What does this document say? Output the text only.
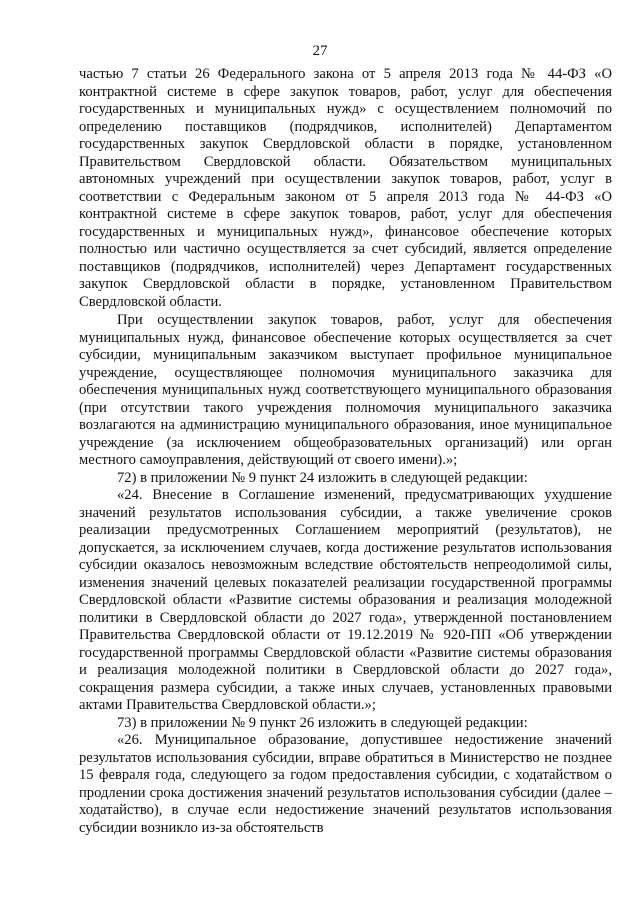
27

частью 7 статьи 26 Федерального закона от 5 апреля 2013 года № 44-ФЗ «О контрактной системе в сфере закупок товаров, работ, услуг для обеспечения государственных и муниципальных нужд» с осуществлением полномочий по определению поставщиков (подрядчиков, исполнителей) Департаментом государственных закупок Свердловской области в порядке, установленном Правительством Свердловской области. Обязательством муниципальных автономных учреждений при осуществлении закупок товаров, работ, услуг в соответствии с Федеральным законом от 5 апреля 2013 года № 44-ФЗ «О контрактной системе в сфере закупок товаров, работ, услуг для обеспечения государственных и муниципальных нужд», финансовое обеспечение которых полностью или частично осуществляется за счет субсидий, является определение поставщиков (подрядчиков, исполнителей) через Департамент государственных закупок Свердловской области в порядке, установленном Правительством Свердловской области.

При осуществлении закупок товаров, работ, услуг для обеспечения муниципальных нужд, финансовое обеспечение которых осуществляется за счет субсидии, муниципальным заказчиком выступает профильное муниципальное учреждение, осуществляющее полномочия муниципального заказчика для обеспечения муниципальных нужд соответствующего муниципального образования (при отсутствии такого учреждения полномочия муниципального заказчика возлагаются на администрацию муниципального образования, иное муниципальное учреждение (за исключением общеобразовательных организаций) или орган местного самоуправления, действующий от своего имени).»;

72) в приложении № 9 пункт 24 изложить в следующей редакции:

«24. Внесение в Соглашение изменений, предусматривающих ухудшение значений результатов использования субсидии, а также увеличение сроков реализации предусмотренных Соглашением мероприятий (результатов), не допускается, за исключением случаев, когда достижение результатов использования субсидии оказалось невозможным вследствие обстоятельств непреодолимой силы, изменения значений целевых показателей реализации государственной программы Свердловской области «Развитие системы образования и реализация молодежной политики в Свердловской области до 2027 года», утвержденной постановлением Правительства Свердловской области от 19.12.2019 № 920-ПП «Об утверждении государственной программы Свердловской области «Развитие системы образования и реализация молодежной политики в Свердловской области до 2027 года», сокращения размера субсидии, а также иных случаев, установленных правовыми актами Правительства Свердловской области.»;

73) в приложении № 9 пункт 26 изложить в следующей редакции:

«26. Муниципальное образование, допустившее недостижение значений результатов использования субсидии, вправе обратиться в Министерство не позднее 15 февраля года, следующего за годом предоставления субсидии, с ходатайством о продлении срока достижения значений результатов использования субсидии (далее – ходатайство), в случае если недостижение значений результатов использования субсидии возникло из-за обстоятельств
